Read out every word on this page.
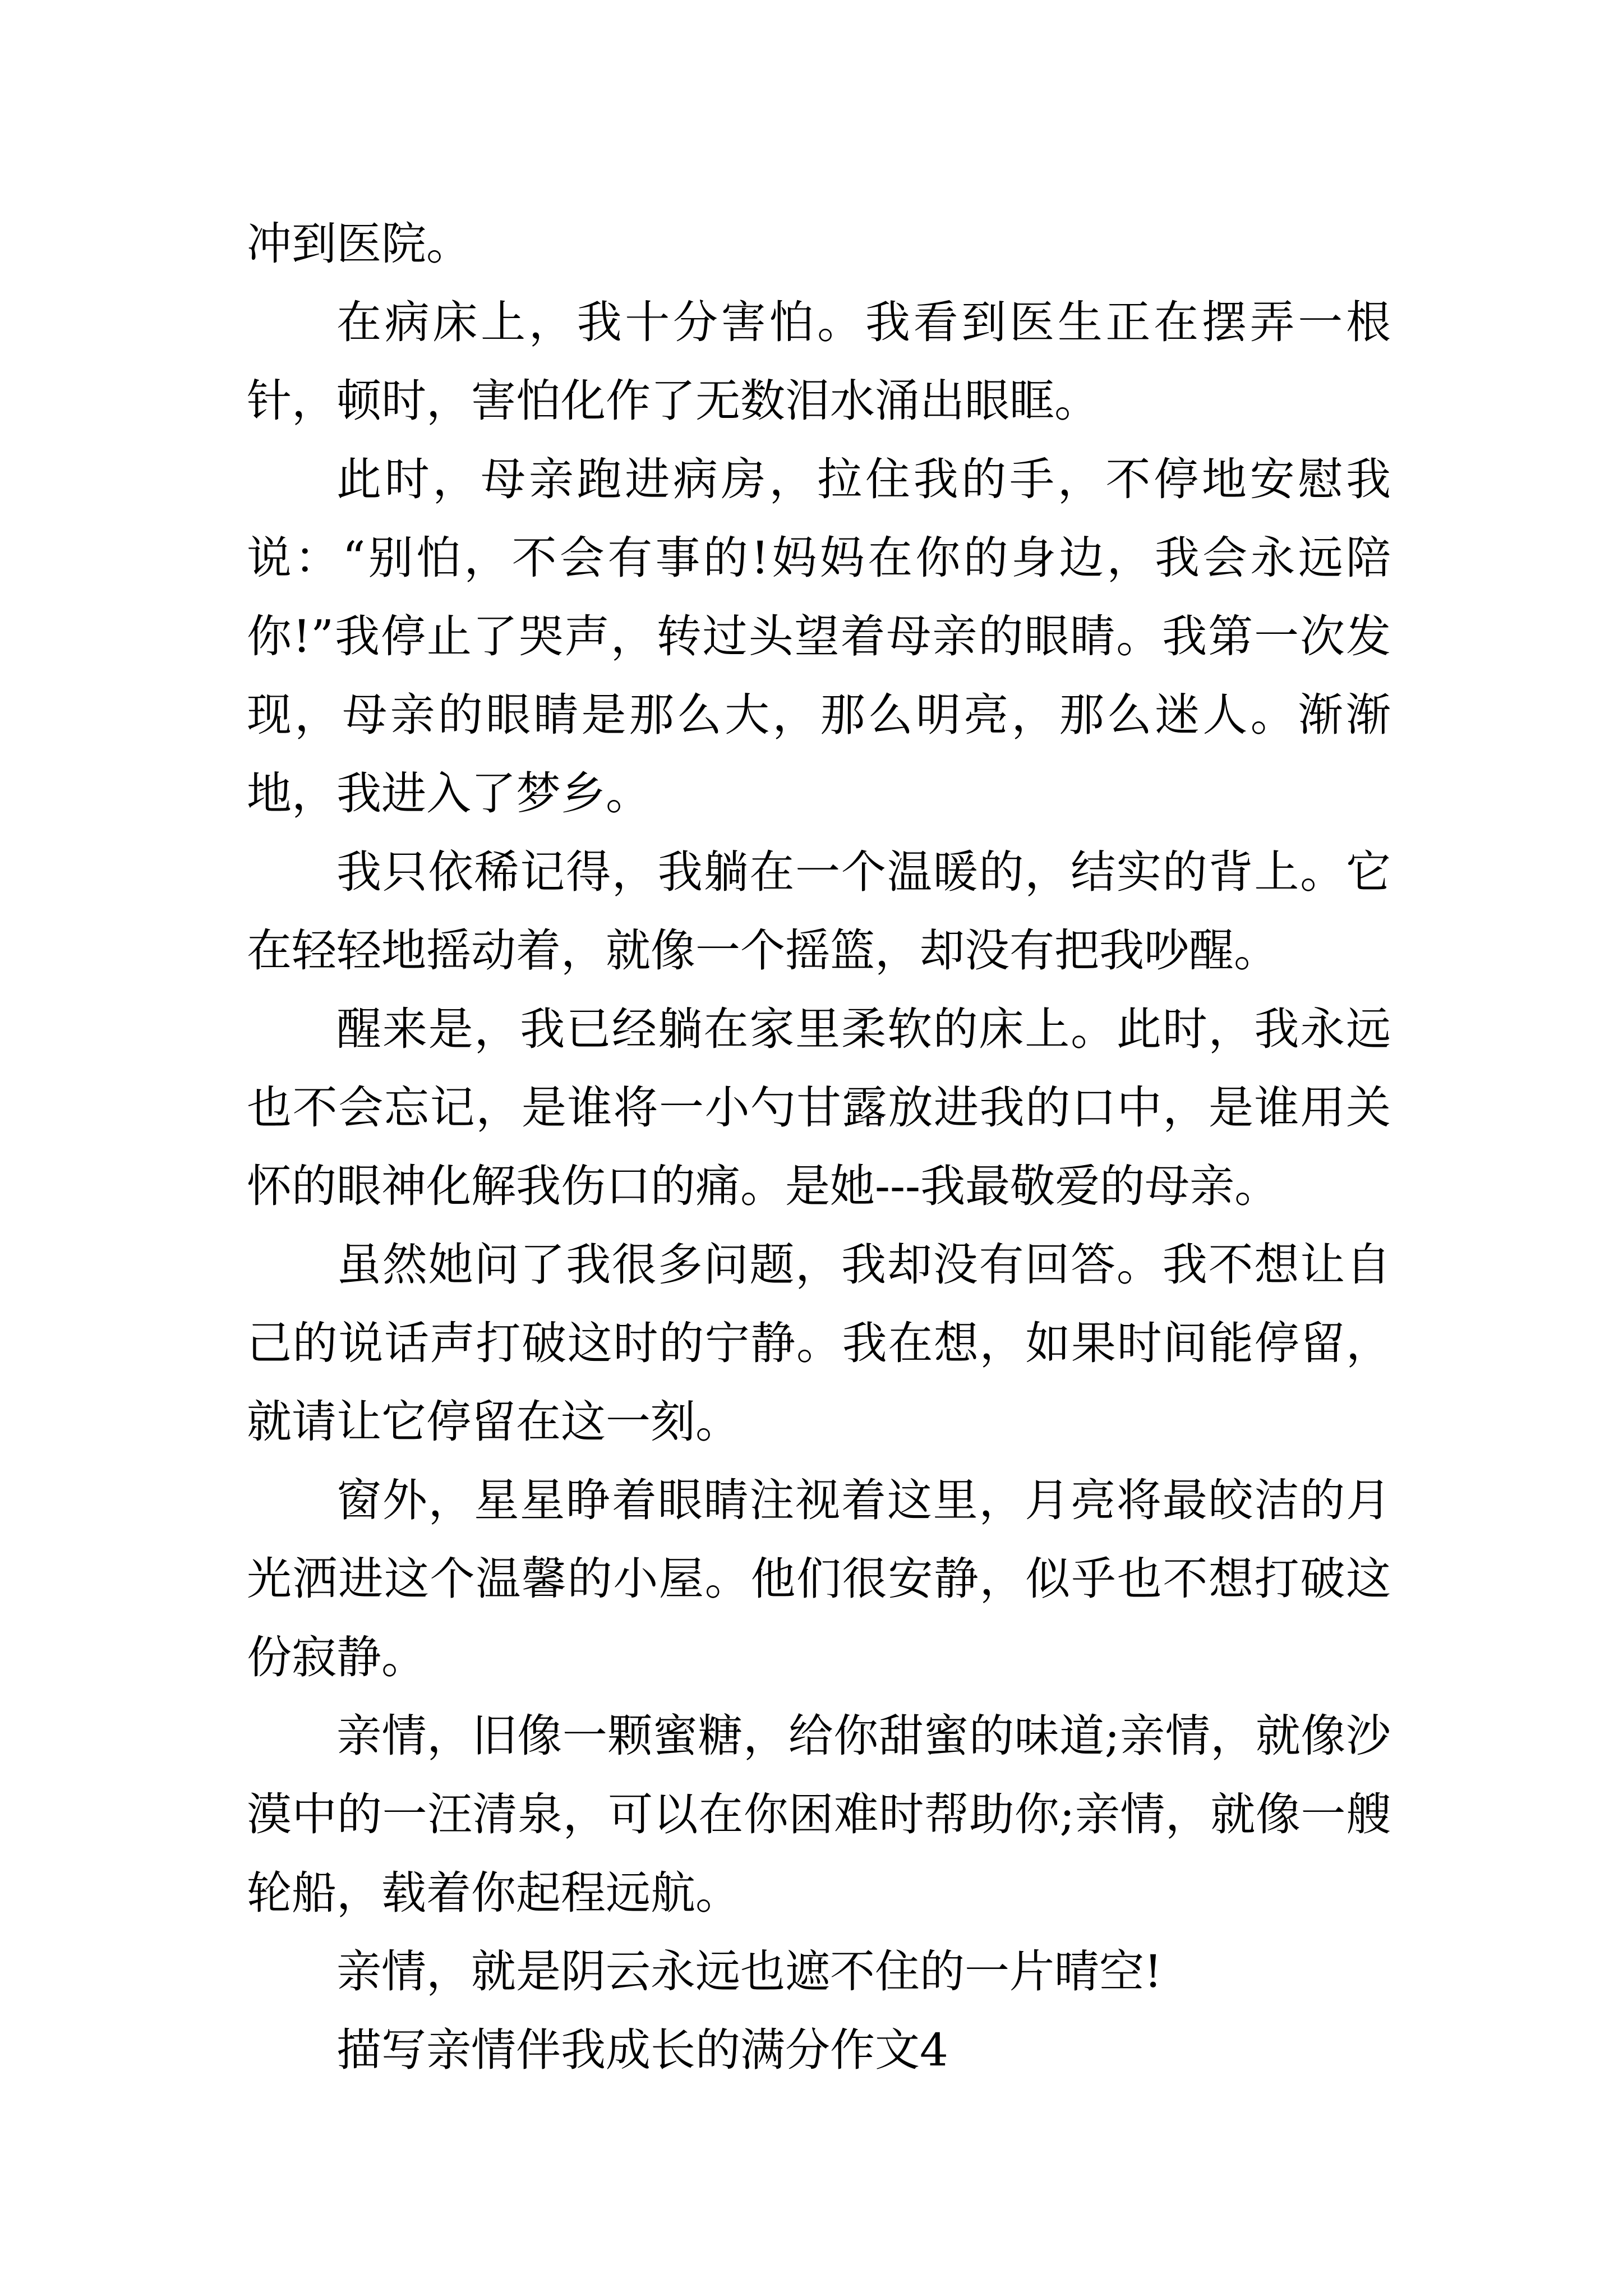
冲到医院。

在病床上，我十分害怕。我看到医生正在摆弄一根针，顿时，害怕化作了无数泪水涌出眼眶。

此时，母亲跑进病房，拉住我的手，不停地安慰我说：“别怕，不会有事的!妈妈在你的身边，我会永远陪你!”我停止了哭声，转过头望着母亲的眼睛。我第一次发现，母亲的眼睛是那么大，那么明亮，那么迷人。渐渐地，我进入了梦乡。

我只依稀记得，我躺在一个温暖的，结实的背上。它在轻轻地摇动着，就像一个摇篮，却没有把我吵醒。

醒来是，我已经躺在家里柔软的床上。此时，我永远也不会忘记，是谁将一小勺甘露放进我的口中，是谁用关怀的眼神化解我伤口的痛。是她---我最敬爱的母亲。

虽然她问了我很多问题，我却没有回答。我不想让自己的说话声打破这时的宁静。我在想，如果时间能停留，就请让它停留在这一刻。

窗外，星星睁着眼睛注视着这里，月亮将最皎洁的月光洒进这个温馨的小屋。他们很安静，似乎也不想打破这份寂静。

亲情，旧像一颗蜜糖，给你甜蜜的味道;亲情，就像沙漠中的一汪清泉，可以在你困难时帮助你;亲情，就像一艘轮船，载着你起程远航。

亲情，就是阴云永远也遮不住的一片晴空!

描写亲情伴我成长的满分作文4
